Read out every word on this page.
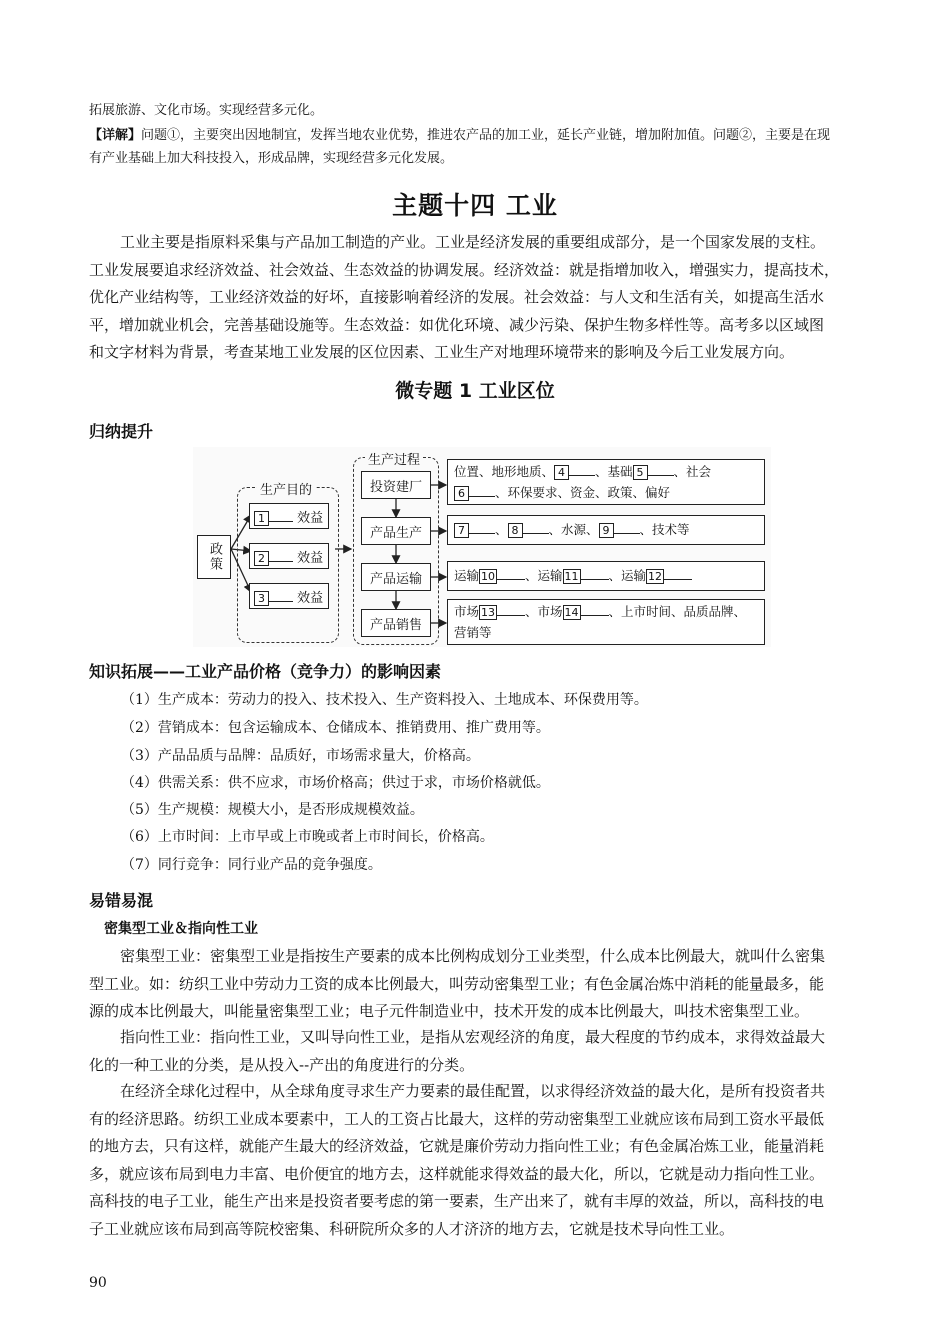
拓展旅游、文化市场。实现经营多元化。
【详解】问题①，主要突出因地制宜，发挥当地农业优势，推进农产品的加工业，延长产业链，增加附加值。问题②，主要是在现
有产业基础上加大科技投入，形成品牌，实现经营多元化发展。
主题十四 工业
工业主要是指原料采集与产品加工制造的产业。工业是经济发展的重要组成部分，是一个国家发展的支柱。
工业发展要追求经济效益、社会效益、生态效益的协调发展。经济效益：就是指增加收入，增强实力，提高技术，
优化产业结构等，工业经济效益的好坏，直接影响着经济的发展。社会效益：与人文和生活有关，如提高生活水
平，增加就业机会，完善基础设施等。生态效益：如优化环境、减少污染、保护生物多样性等。高考多以区域图
和文字材料为背景，考查某地工业发展的区位因素、工业生产对地理环境带来的影响及今后工业发展方向。
微专题 1 工业区位
归纳提升
政策
生产目的
1 效益
2 效益
3 效益
生产过程
投资建厂
产品生产
产品运输
产品销售
位置、地形地质、 4 、基础 5 、社会
6 、环保要求、资金、政策、偏好
7 、 8 、水源、 9 、技术等
运输 10 、运输 11 、运输 12
市场 13 、市场 14 、上市时间、品质品牌、
营销等
知识拓展——工业产品价格（竞争力）的影响因素
（1）生产成本：劳动力的投入、技术投入、生产资料投入、土地成本、环保费用等。
（2）营销成本：包含运输成本、仓储成本、推销费用、推广费用等。
（3）产品品质与品牌：品质好，市场需求量大，价格高。
（4）供需关系：供不应求，市场价格高；供过于求，市场价格就低。
（5）生产规模：规模大小，是否形成规模效益。
（6）上市时间：上市早或上市晚或者上市时间长，价格高。
（7）同行竞争：同行业产品的竞争强度。
易错易混
密集型工业＆指向性工业
密集型工业：密集型工业是指按生产要素的成本比例构成划分工业类型，什么成本比例最大，就叫什么密集
型工业。如：纺织工业中劳动力工资的成本比例最大，叫劳动密集型工业；有色金属冶炼中消耗的能量最多，能
源的成本比例最大，叫能量密集型工业；电子元件制造业中，技术开发的成本比例最大，叫技术密集型工业。
指向性工业：指向性工业，又叫导向性工业，是指从宏观经济的角度，最大程度的节约成本，求得效益最大
化的一种工业的分类，是从投入--产出的角度进行的分类。
在经济全球化过程中，从全球角度寻求生产力要素的最佳配置，以求得经济效益的最大化，是所有投资者共
有的经济思路。纺织工业成本要素中，工人的工资占比最大，这样的劳动密集型工业就应该布局到工资水平最低
的地方去，只有这样，就能产生最大的经济效益，它就是廉价劳动力指向性工业；有色金属冶炼工业，能量消耗
多，就应该布局到电力丰富、电价便宜的地方去，这样就能求得效益的最大化，所以，它就是动力指向性工业。
高科技的电子工业，能生产出来是投资者要考虑的第一要素，生产出来了，就有丰厚的效益，所以，高科技的电
子工业就应该布局到高等院校密集、科研院所众多的人才济济的地方去，它就是技术导向性工业。
90
